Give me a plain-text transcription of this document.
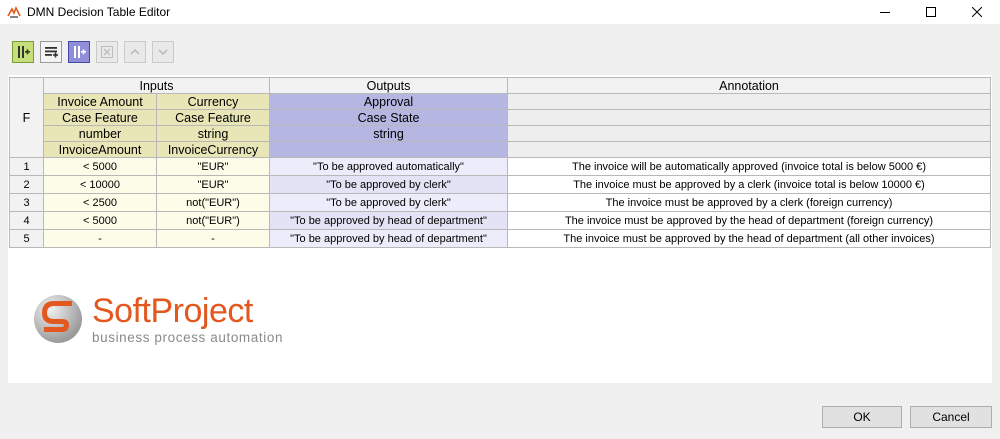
DMN Decision Table Editor
F	Inputs		Outputs	Annotation
	Invoice Amount	Currency	Approval	
	Case Feature	Case Feature	Case State	
	number	string	string	
	InvoiceAmount	InvoiceCurrency		
1	< 5000	"EUR"	"To be approved automatically"	The invoice will be automatically approved (invoice total is below 5000 €)
2	< 10000	"EUR"	"To be approved by clerk"	The invoice must be approved by a clerk (invoice total is below 10000 €)
3	< 2500	not("EUR")	"To be approved by clerk"	The invoice must be approved by a clerk (foreign currency)
4	< 5000	not("EUR")	"To be approved by head of department"	The invoice must be approved by the head of department (foreign currency)
5	-	-	"To be approved by head of department"	The invoice must be approved by the head of department (all other invoices)
SoftProject
business process automation
OK	Cancel
